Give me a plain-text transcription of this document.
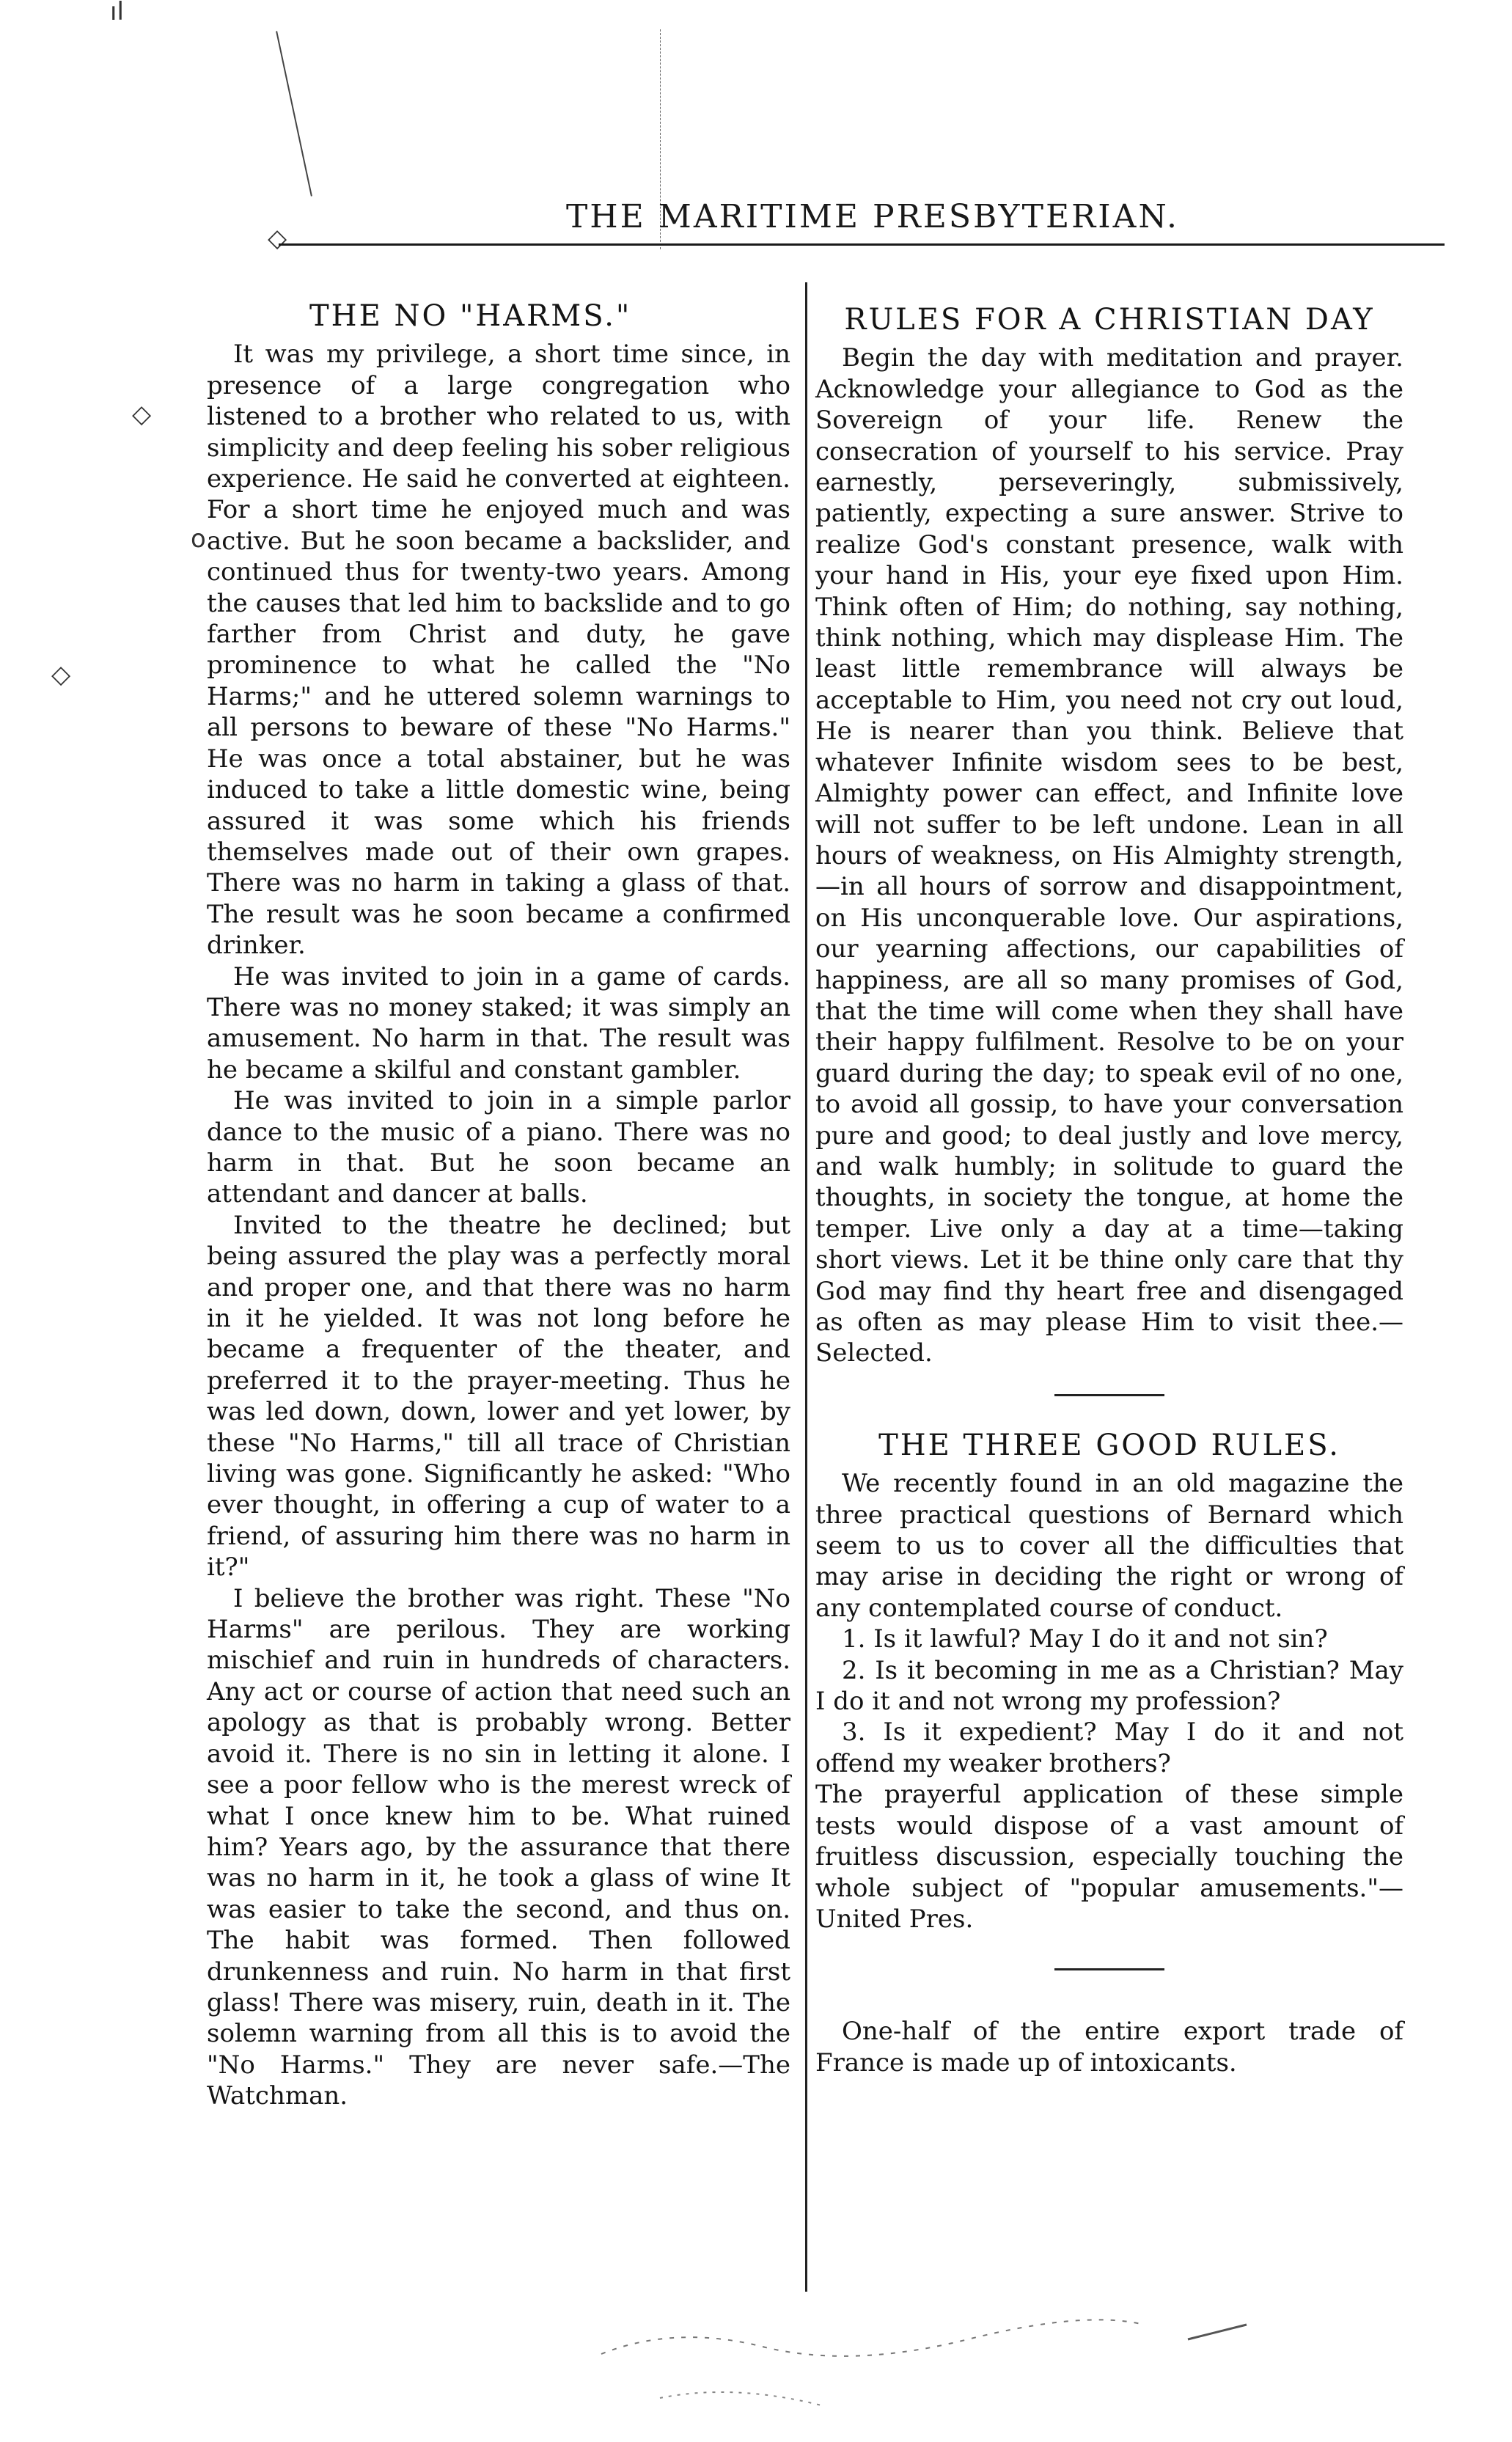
ıl
◇
◇
o
◇
THE MARITIME PRESBYTERIAN.
THE NO "HARMS."

It was my privilege, a short time since, in presence of a large congregation who listened to a brother who related to us, with simplicity and deep feeling his sober religious experience. He said he converted at eighteen. For a short time he enjoyed much and was active. But he soon became a backslider, and continued thus for twenty-two years. Among the causes that led him to backslide and to go farther from Christ and duty, he gave prominence to what he called the "No Harms;" and he uttered solemn warnings to all persons to beware of these "No Harms." He was once a total abstainer, but he was induced to take a little domestic wine, being assured it was some which his friends themselves made out of their own grapes. There was no harm in taking a glass of that. The result was he soon became a confirmed drinker.

He was invited to join in a game of cards. There was no money staked; it was simply an amusement. No harm in that. The result was he became a skilful and constant gambler.

He was invited to join in a simple parlor dance to the music of a piano. There was no harm in that. But he soon became an attendant and dancer at balls.

Invited to the theatre he declined; but being assured the play was a perfectly moral and proper one, and that there was no harm in it he yielded. It was not long before he became a frequenter of the theater, and preferred it to the prayer-meeting. Thus he was led down, down, lower and yet lower, by these "No Harms," till all trace of Christian living was gone. Significantly he asked: "Who ever thought, in offering a cup of water to a friend, of assuring him there was no harm in it?"

I believe the brother was right. These "No Harms" are perilous. They are working mischief and ruin in hundreds of characters. Any act or course of action that need such an apology as that is probably wrong. Better avoid it. There is no sin in letting it alone. I see a poor fellow who is the merest wreck of what I once knew him to be. What ruined him? Years ago, by the assurance that there was no harm in it, he took a glass of wine It was easier to take the second, and thus on. The habit was formed. Then followed drunkenness and ruin. No harm in that first glass! There was misery, ruin, death in it. The solemn warning from all this is to avoid the "No Harms." They are never safe.—The Watchman.

RULES FOR A CHRISTIAN DAY

Begin the day with meditation and prayer. Acknowledge your allegiance to God as the Sovereign of your life. Renew the consecration of yourself to his service. Pray earnestly, perseveringly, submissively, patiently, expecting a sure answer. Strive to realize God's constant presence, walk with your hand in His, your eye fixed upon Him. Think often of Him; do nothing, say nothing, think nothing, which may displease Him. The least little remembrance will always be acceptable to Him, you need not cry out loud, He is nearer than you think. Believe that whatever Infinite wisdom sees to be best, Almighty power can effect, and Infinite love will not suffer to be left undone. Lean in all hours of weakness, on His Almighty strength,—in all hours of sorrow and disappointment, on His unconquerable love. Our aspirations, our yearning affections, our capabilities of happiness, are all so many promises of God, that the time will come when they shall have their happy fulfilment. Resolve to be on your guard during the day; to speak evil of no one, to avoid all gossip, to have your conversation pure and good; to deal justly and love mercy, and walk humbly; in solitude to guard the thoughts, in society the tongue, at home the temper. Live only a day at a time—taking short views. Let it be thine only care that thy God may find thy heart free and disengaged as often as may please Him to visit thee.—Selected.

THE THREE GOOD RULES.

We recently found in an old magazine the three practical questions of Bernard which seem to us to cover all the difficulties that may arise in deciding the right or wrong of any contemplated course of conduct.

1. Is it lawful? May I do it and not sin?

2. Is it becoming in me as a Christian? May I do it and not wrong my profession?

3. Is it expedient? May I do it and not offend my weaker brothers?

The prayerful application of these simple tests would dispose of a vast amount of fruitless discussion, especially touching the whole subject of "popular amusements."—United Pres.

One-half of the entire export trade of France is made up of intoxicants.
